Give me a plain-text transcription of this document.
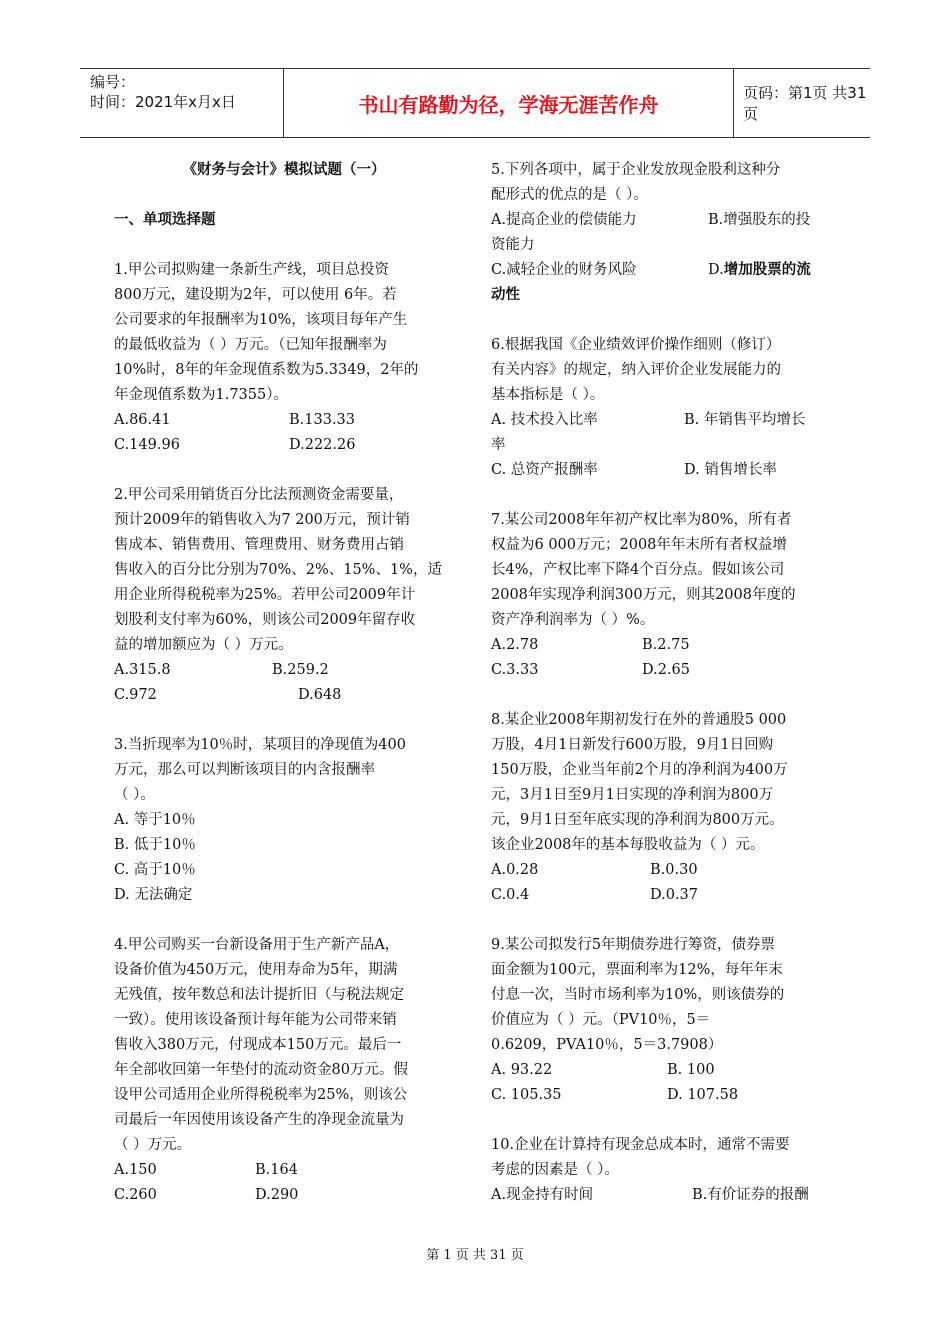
编号：
时间：2021年x月x日	书山有路勤为径，学海无涯苦作舟	页码：第1页 共31页
《财务与会计》模拟试题（一）
一、单项选择题
1.甲公司拟购建一条新生产线，项目总投资
800万元，建设期为2年，可以使用 6年。若
公司要求的年报酬率为10%，该项目每年产生
的最低收益为（ ）万元。（已知年报酬率为
10%时，8年的年金现值系数为5.3349，2年的
年金现值系数为1.7355）。
A.86.41	B.133.33
C.149.96	D.222.26
2.甲公司采用销货百分比法预测资金需要量，
预计2009年的销售收入为7 200万元，预计销
售成本、销售费用、管理费用、财务费用占销
售收入的百分比分别为70%、2%、15%、1%，适
用企业所得税税率为25%。若甲公司2009年计
划股利支付率为60%，则该公司2009年留存收
益的增加额应为（ ）万元。
A.315.8	B.259.2
C.972	D.648
3.当折现率为10％时，某项目的净现值为400
万元，那么可以判断该项目的内含报酬率
（ ）。
A. 等于10％
B. 低于10％
C. 高于10％
D. 无法确定
4.甲公司购买一台新设备用于生产新产品A，
设备价值为450万元，使用寿命为5年，期满
无残值，按年数总和法计提折旧（与税法规定
一致）。使用该设备预计每年能为公司带来销
售收入380万元，付现成本150万元。最后一
年全部收回第一年垫付的流动资金80万元。假
设甲公司适用企业所得税税率为25%，则该公
司最后一年因使用该设备产生的净现金流量为
（ ）万元。
A.150	B.164
C.260	D.290
5.下列各项中，属于企业发放现金股利这种分
配形式的优点的是（ ）。
A.提高企业的偿债能力	B.增强股东的投
资能力
C.减轻企业的财务风险	D.增加股票的流
动性
6.根据我国《企业绩效评价操作细则（修订）
有关内容》的规定，纳入评价企业发展能力的
基本指标是（ ）。
A. 技术投入比率	B. 年销售平均增长
率
C. 总资产报酬率	D. 销售增长率
7.某公司2008年年初产权比率为80%，所有者
权益为6 000万元；2008年年末所有者权益增
长4%，产权比率下降4个百分点。假如该公司
2008年实现净利润300万元，则其2008年度的
资产净利润率为（ ）%。
A.2.78	B.2.75
C.3.33	D.2.65
8.某企业2008年期初发行在外的普通股5 000
万股，4月1日新发行600万股，9月1日回购
150万股，企业当年前2个月的净利润为400万
元，3月1日至9月1日实现的净利润为800万
元，9月1日至年底实现的净利润为800万元。
该企业2008年的基本每股收益为（ ）元。
A.0.28	B.0.30
C.0.4	D.0.37
9.某公司拟发行5年期债券进行筹资，债券票
面金额为100元，票面利率为12%，每年年末
付息一次，当时市场利率为10%，则该债券的
价值应为（ ）元。（PV10％，5＝
0.6209，PVA10％，5＝3.7908）
A. 93.22	B. 100
C. 105.35	D. 107.58
10.企业在计算持有现金总成本时，通常不需要
考虑的因素是（ ）。
A.现金持有时间	B.有价证券的报酬
第 1 页 共 31 页
